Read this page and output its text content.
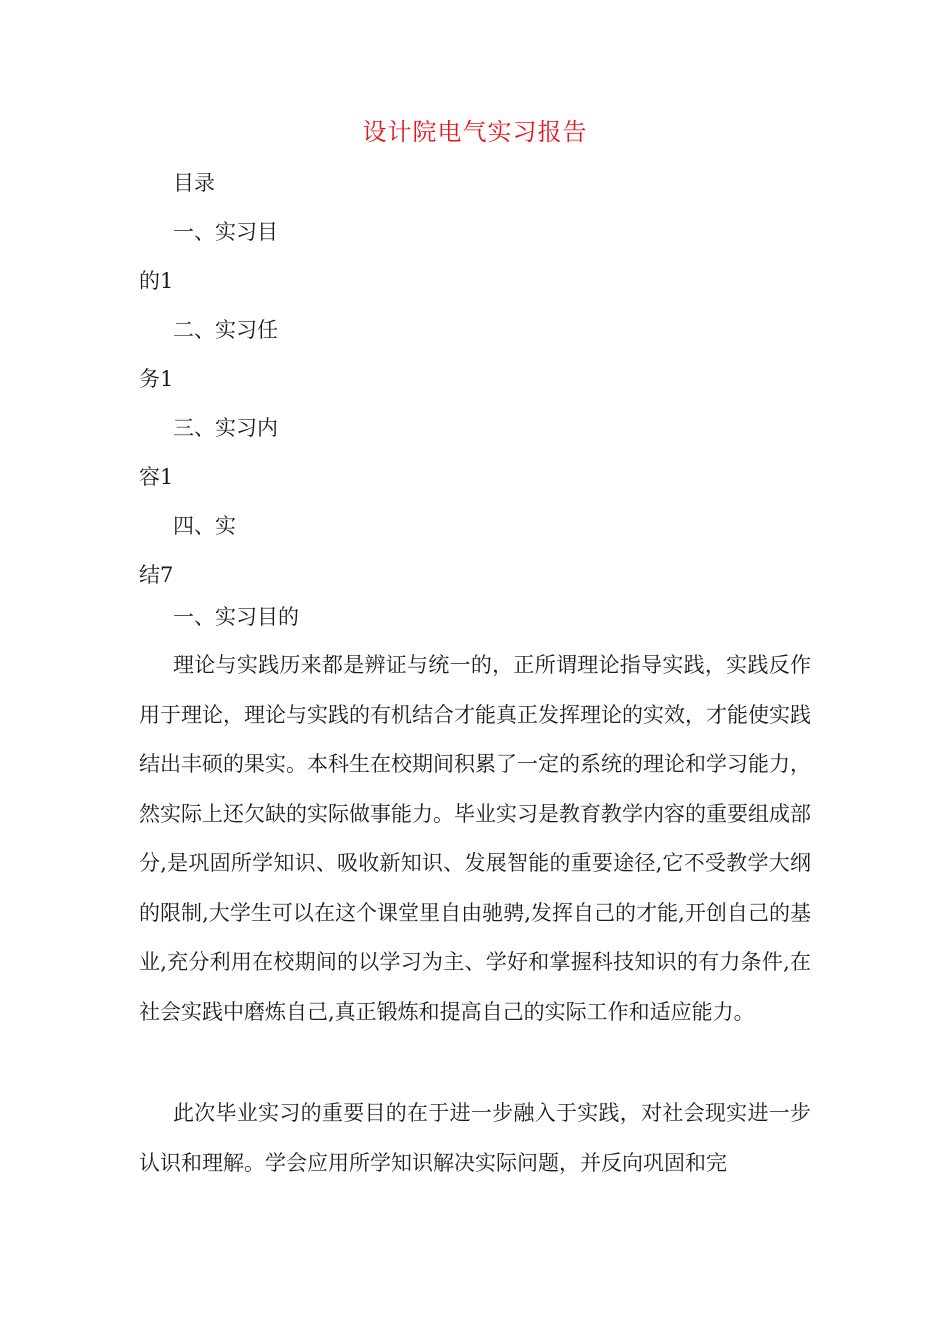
设计院电气实习报告
目录
一、实习目
的1
二、实习任
务1
三、实习内
容1
四、实
结7
一、实习目的

理论与实践历来都是辨证与统一的，正所谓理论指导实践，实践反作用于理论，理论与实践的有机结合才能真正发挥理论的实效，才能使实践结出丰硕的果实。本科生在校期间积累了一定的系统的理论和学习能力，然实际上还欠缺的实际做事能力。毕业实习是教育教学内容的重要组成部分,是巩固所学知识、吸收新知识、发展智能的重要途径,它不受教学大纲的限制,大学生可以在这个课堂里自由驰骋,发挥自己的才能,开创自己的基业,充分利用在校期间的以学习为主、学好和掌握科技知识的有力条件,在社会实践中磨炼自己,真正锻炼和提高自己的实际工作和适应能力。

此次毕业实习的重要目的在于进一步融入于实践，对社会现实进一步认识和理解。学会应用所学知识解决实际问题，并反向巩固和完
